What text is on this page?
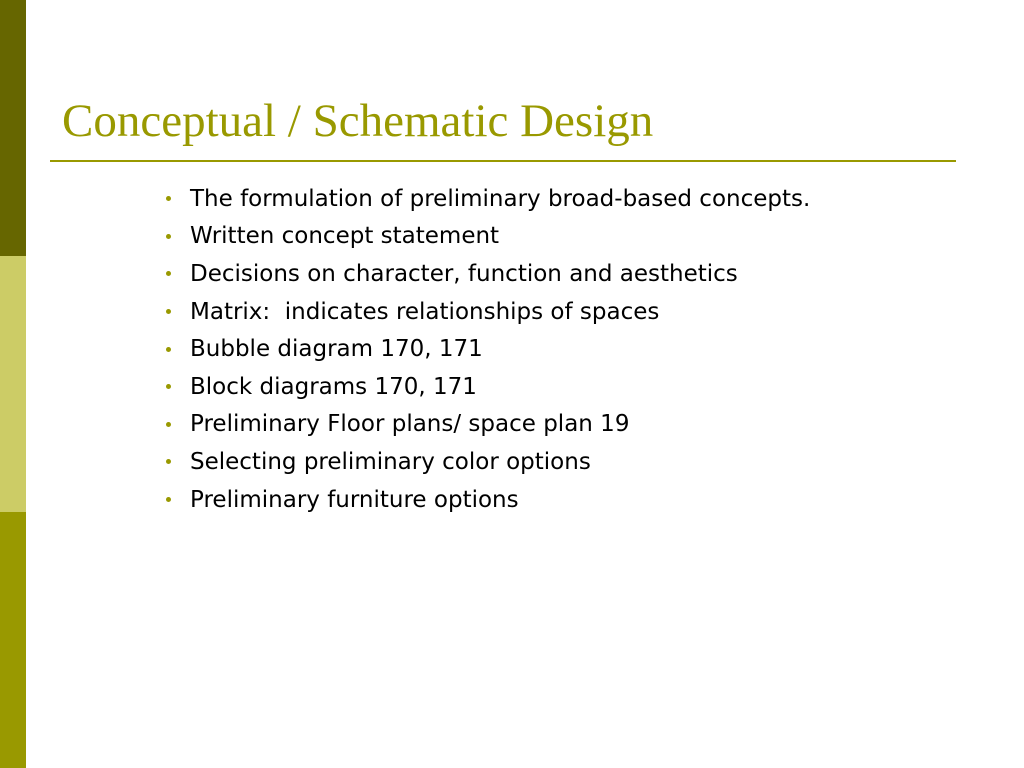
Conceptual / Schematic Design
The formulation of preliminary broad-based concepts.
Written concept statement
Decisions on character, function and aesthetics
Matrix:  indicates relationships of spaces
Bubble diagram 170, 171
Block diagrams 170, 171
Preliminary Floor plans/ space plan 19
Selecting preliminary color options
Preliminary furniture options
